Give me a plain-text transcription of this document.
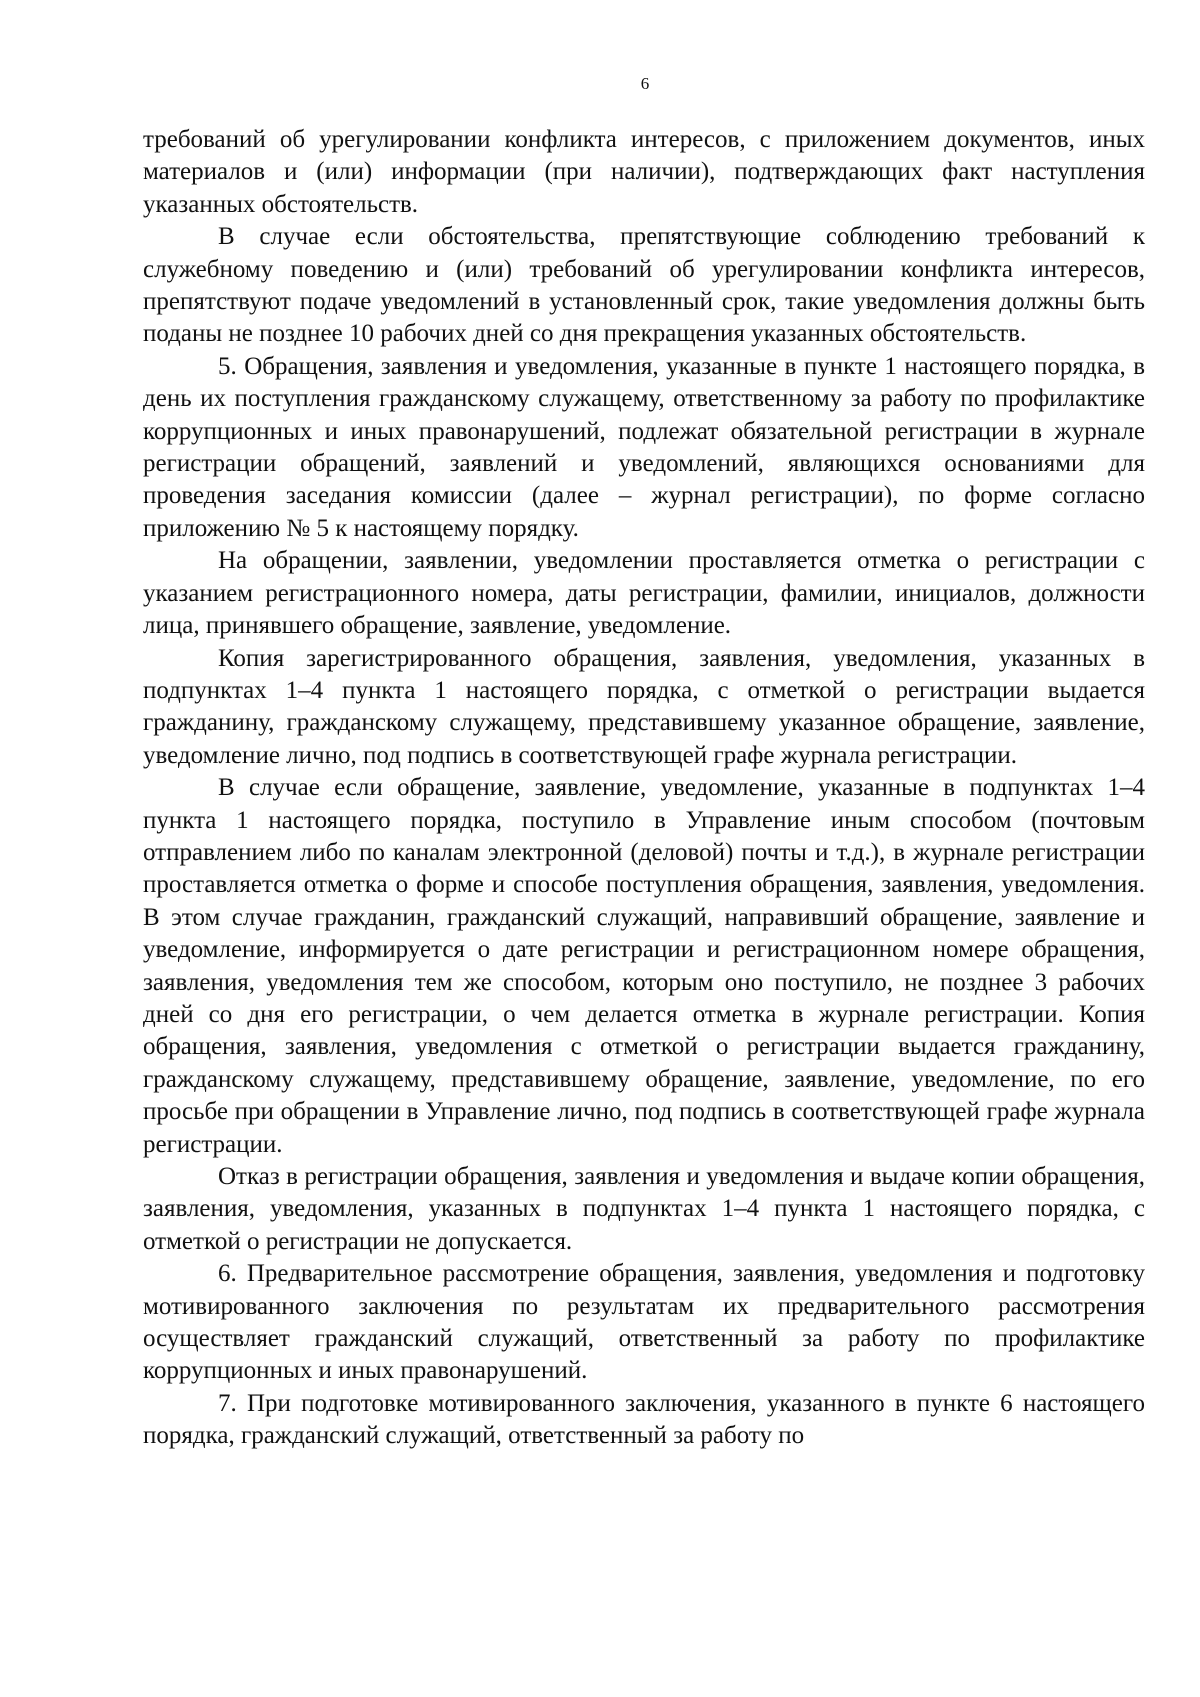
6

требований об урегулировании конфликта интересов, с приложением документов, иных материалов и (или) информации (при наличии), подтверждающих факт наступления указанных обстоятельств.

В случае если обстоятельства, препятствующие соблюдению требований к служебному поведению и (или) требований об урегулировании конфликта интересов, препятствуют подаче уведомлений в установленный срок, такие уведомления должны быть поданы не позднее 10 рабочих дней со дня прекращения указанных обстоятельств.

5. Обращения, заявления и уведомления, указанные в пункте 1 настоящего порядка, в день их поступления гражданскому служащему, ответственному за работу по профилактике коррупционных и иных правонарушений, подлежат обязательной регистрации в журнале регистрации обращений, заявлений и уведомлений, являющихся основаниями для проведения заседания комиссии (далее – журнал регистрации), по форме согласно приложению № 5 к настоящему порядку.

На обращении, заявлении, уведомлении проставляется отметка о регистрации с указанием регистрационного номера, даты регистрации, фамилии, инициалов, должности лица, принявшего обращение, заявление, уведомление.

Копия зарегистрированного обращения, заявления, уведомления, указанных в подпунктах 1–4 пункта 1 настоящего порядка, с отметкой о регистрации выдается гражданину, гражданскому служащему, представившему указанное обращение, заявление, уведомление лично, под подпись в соответствующей графе журнала регистрации.

В случае если обращение, заявление, уведомление, указанные в подпунктах 1–4 пункта 1 настоящего порядка, поступило в Управление иным способом (почтовым отправлением либо по каналам электронной (деловой) почты и т.д.), в журнале регистрации проставляется отметка о форме и способе поступления обращения, заявления, уведомления. В этом случае гражданин, гражданский служащий, направивший обращение, заявление и уведомление, информируется о дате регистрации и регистрационном номере обращения, заявления, уведомления тем же способом, которым оно поступило, не позднее 3 рабочих дней со дня его регистрации, о чем делается отметка в журнале регистрации. Копия обращения, заявления, уведомления с отметкой о регистрации выдается гражданину, гражданскому служащему, представившему обращение, заявление, уведомление, по его просьбе при обращении в Управление лично, под подпись в соответствующей графе журнала регистрации.

Отказ в регистрации обращения, заявления и уведомления и выдаче копии обращения, заявления, уведомления, указанных в подпунктах 1–4 пункта 1 настоящего порядка, с отметкой о регистрации не допускается.

6. Предварительное рассмотрение обращения, заявления, уведомления и подготовку мотивированного заключения по результатам их предварительного рассмотрения осуществляет гражданский служащий, ответственный за работу по профилактике коррупционных и иных правонарушений.

7. При подготовке мотивированного заключения, указанного в пункте 6 настоящего порядка, гражданский служащий, ответственный за работу по
